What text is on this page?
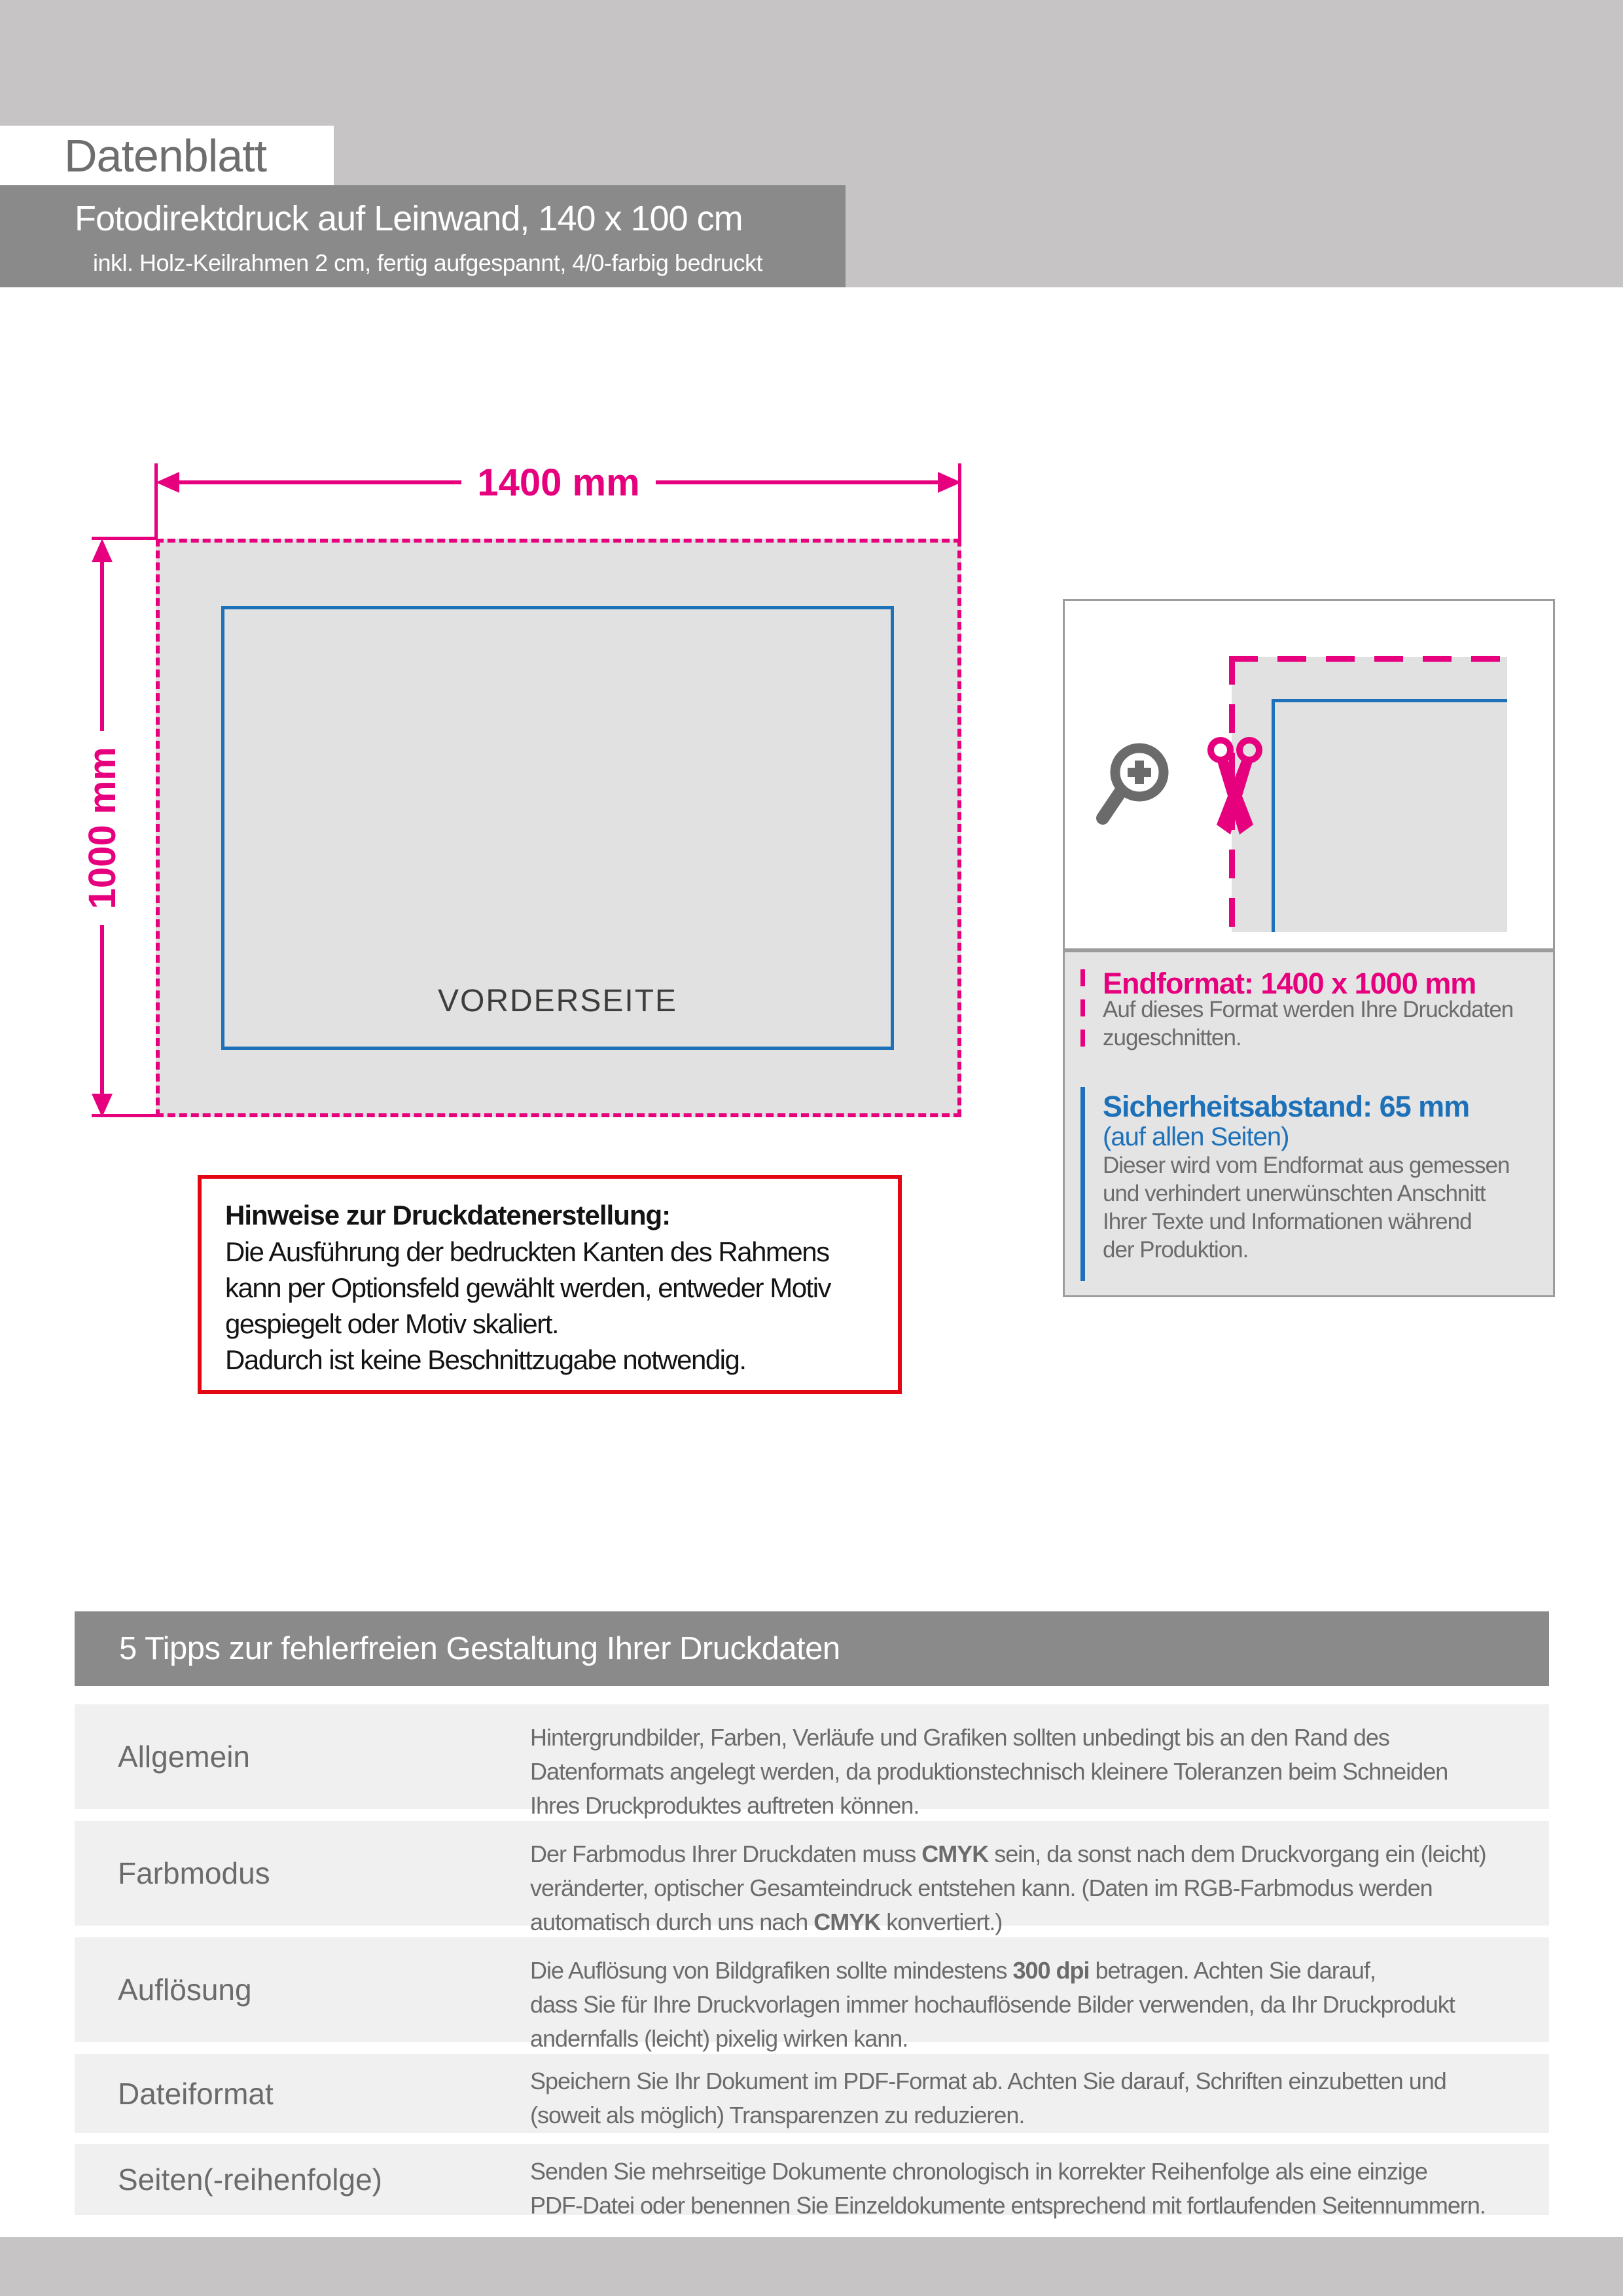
Datenblatt
Fotodirektdruck auf Leinwand, 140 x 100 cm
inkl. Holz-Keilrahmen 2 cm, fertig aufgespannt, 4/0-farbig bedruckt
1400 mm
1000 mm
VORDERSEITE
Endformat: 1400 x 1000 mm
Auf dieses Format werden Ihre Druckdaten
zugeschnitten.
Sicherheitsabstand: 65 mm
(auf allen Seiten)
Dieser wird vom Endformat aus gemessen
und verhindert unerwünschten Anschnitt
Ihrer Texte und Informationen während
der Produktion.
Hinweise zur Druckdatenerstellung:
Die Ausführung der bedruckten Kanten des Rahmens
kann per Optionsfeld gewählt werden, entweder Motiv
gespiegelt oder Motiv skaliert.
Dadurch ist keine Beschnittzugabe notwendig.
5 Tipps zur fehlerfreien Gestaltung Ihrer Druckdaten
Allgemein
Hintergrundbilder, Farben, Verläufe und Grafiken sollten unbedingt bis an den Rand des
Datenformats angelegt werden, da produktionstechnisch kleinere Toleranzen beim Schneiden
Ihres Druckproduktes auftreten können.
Farbmodus
Der Farbmodus Ihrer Druckdaten muss CMYK sein, da sonst nach dem Druckvorgang ein (leicht)
veränderter, optischer Gesamteindruck entstehen kann. (Daten im RGB-Farbmodus werden
automatisch durch uns nach CMYK konvertiert.)
Auflösung
Die Auflösung von Bildgrafiken sollte mindestens 300 dpi betragen. Achten Sie darauf,
dass Sie für Ihre Druckvorlagen immer hochauflösende Bilder verwenden, da Ihr Druckprodukt
andernfalls (leicht) pixelig wirken kann.
Dateiformat	Speichern Sie Ihr Dokument im PDF-Format ab. Achten Sie darauf, Schriften einzubetten und
(soweit als möglich) Transparenzen zu reduzieren.
Seiten(-reihenfolge)	Senden Sie mehrseitige Dokumente chronologisch in korrekter Reihenfolge als eine einzige
PDF-Datei oder benennen Sie Einzeldokumente entsprechend mit fortlaufenden Seitennummern.
